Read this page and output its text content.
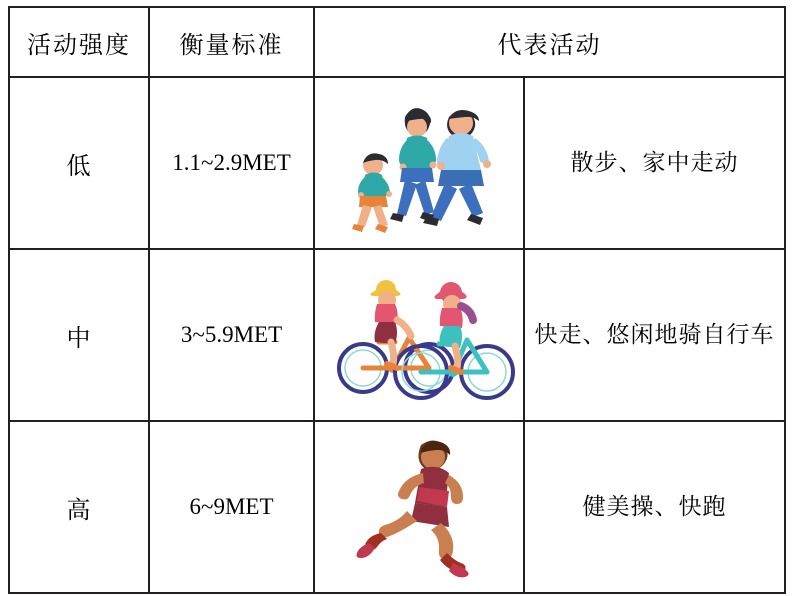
活动强度	衡量标准	代表活动	
低	1.1~2.9MET		散步、家中走动
中	3~5.9MET		快走、悠闲地骑自行车
高	6~9MET		健美操、快跑
